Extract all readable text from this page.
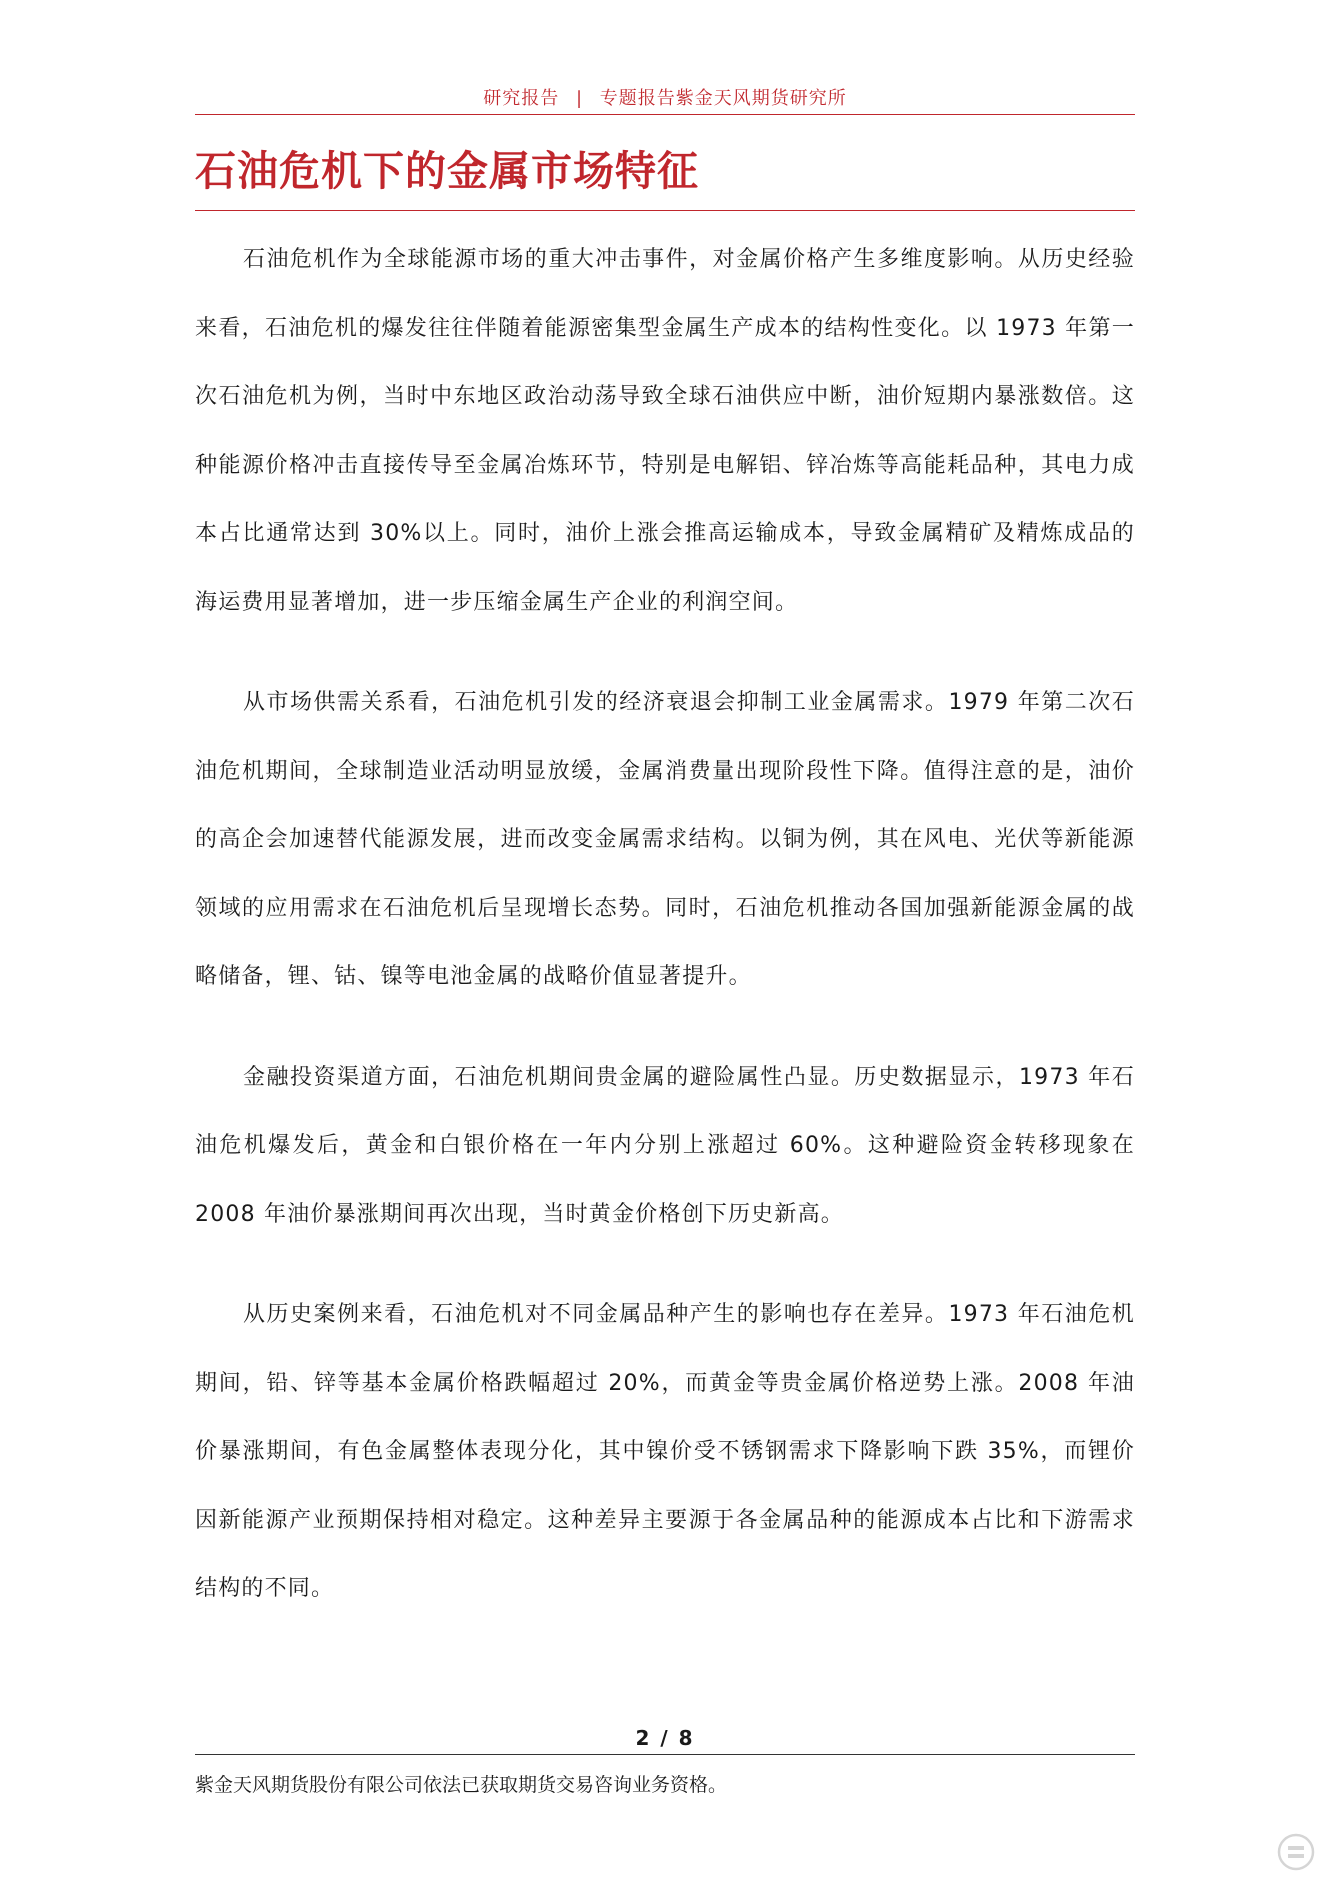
研究报告 | 专题报告紫金天风期货研究所
石油危机下的金属市场特征

石油危机作为全球能源市场的重大冲击事件，对金属价格产生多维度影响。从历史经验来看，石油危机的爆发往往伴随着能源密集型金属生产成本的结构性变化。以 1973 年第一次石油危机为例，当时中东地区政治动荡导致全球石油供应中断，油价短期内暴涨数倍。这种能源价格冲击直接传导至金属冶炼环节，特别是电解铝、锌冶炼等高能耗品种，其电力成本占比通常达到 30%以上。同时，油价上涨会推高运输成本，导致金属精矿及精炼成品的海运费用显著增加，进一步压缩金属生产企业的利润空间。

从市场供需关系看，石油危机引发的经济衰退会抑制工业金属需求。1979 年第二次石油危机期间，全球制造业活动明显放缓，金属消费量出现阶段性下降。值得注意的是，油价的高企会加速替代能源发展，进而改变金属需求结构。以铜为例，其在风电、光伏等新能源领域的应用需求在石油危机后呈现增长态势。同时，石油危机推动各国加强新能源金属的战略储备，锂、钴、镍等电池金属的战略价值显著提升。

金融投资渠道方面，石油危机期间贵金属的避险属性凸显。历史数据显示，1973 年石油危机爆发后，黄金和白银价格在一年内分别上涨超过 60%。这种避险资金转移现象在 2008 年油价暴涨期间再次出现，当时黄金价格创下历史新高。

从历史案例来看，石油危机对不同金属品种产生的影响也存在差异。1973 年石油危机期间，铅、锌等基本金属价格跌幅超过 20%，而黄金等贵金属价格逆势上涨。2008 年油价暴涨期间，有色金属整体表现分化，其中镍价受不锈钢需求下降影响下跌 35%，而锂价因新能源产业预期保持相对稳定。这种差异主要源于各金属品种的能源成本占比和下游需求结构的不同。

2 / 8
紫金天风期货股份有限公司依法已获取期货交易咨询业务资格。
